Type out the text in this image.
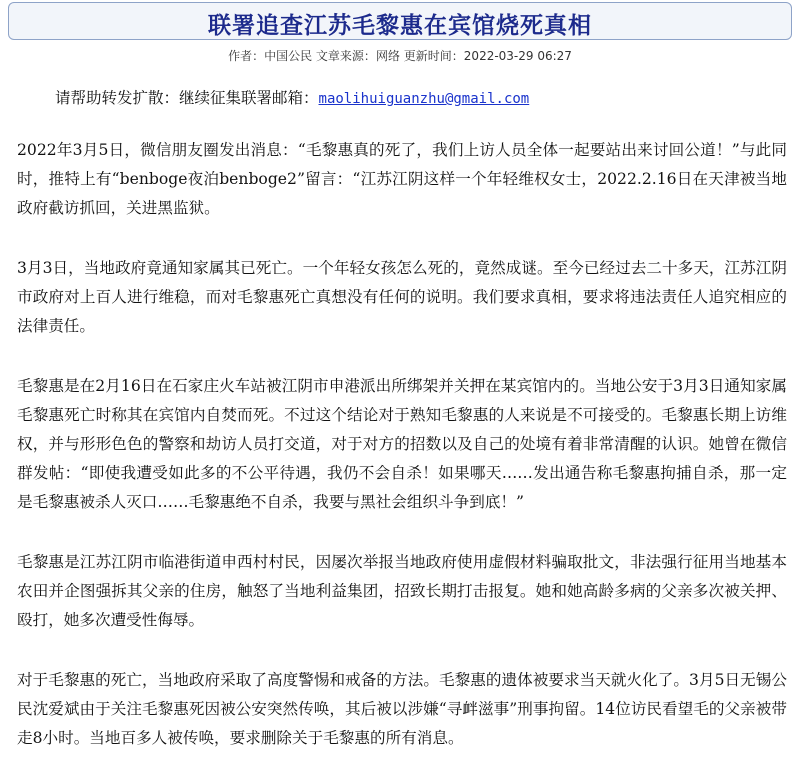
联署追查江苏毛黎惠在宾馆烧死真相
作者：中国公民 文章来源：网络 更新时间：2022-03-29 06:27
请帮助转发扩散：继续征集联署邮箱：maolihuiguanzhu@gmail.com

2022年3月5日，微信朋友圈发出消息：“毛黎惠真的死了，我们上访人员全体一起要站出来讨回公道！”与此同时，推特上有“benboge夜泊benboge2”留言：“江苏江阴这样一个年轻维权女士，2022.2.16日在天津被当地政府截访抓回，关进黑监狱。

3月3日，当地政府竟通知家属其已死亡。一个年轻女孩怎么死的，竟然成谜。至今已经过去二十多天，江苏江阴市政府对上百人进行维稳，而对毛黎惠死亡真想没有任何的说明。我们要求真相，要求将违法责任人追究相应的法律责任。

毛黎惠是在2月16日在石家庄火车站被江阴市申港派出所绑架并关押在某宾馆内的。当地公安于3月3日通知家属毛黎惠死亡时称其在宾馆内自焚而死。不过这个结论对于熟知毛黎惠的人来说是不可接受的。毛黎惠长期上访维权，并与形形色色的警察和劫访人员打交道，对于对方的招数以及自己的处境有着非常清醒的认识。她曾在微信群发帖：“即使我遭受如此多的不公平待遇，我仍不会自杀！如果哪天……发出通告称毛黎惠拘捕自杀，那一定是毛黎惠被杀人灭口……毛黎惠绝不自杀，我要与黑社会组织斗争到底！”

毛黎惠是江苏江阴市临港街道申西村村民，因屡次举报当地政府使用虚假材料骗取批文，非法强行征用当地基本农田并企图强拆其父亲的住房，触怒了当地利益集团，招致长期打击报复。她和她高龄多病的父亲多次被关押、殴打，她多次遭受性侮辱。

对于毛黎惠的死亡，当地政府采取了高度警惕和戒备的方法。毛黎惠的遗体被要求当天就火化了。3月5日无锡公民沈爱斌由于关注毛黎惠死因被公安突然传唤，其后被以涉嫌“寻衅滋事”刑事拘留。14位访民看望毛的父亲被带走8小时。当地百多人被传唤，要求删除关于毛黎惠的所有消息。
